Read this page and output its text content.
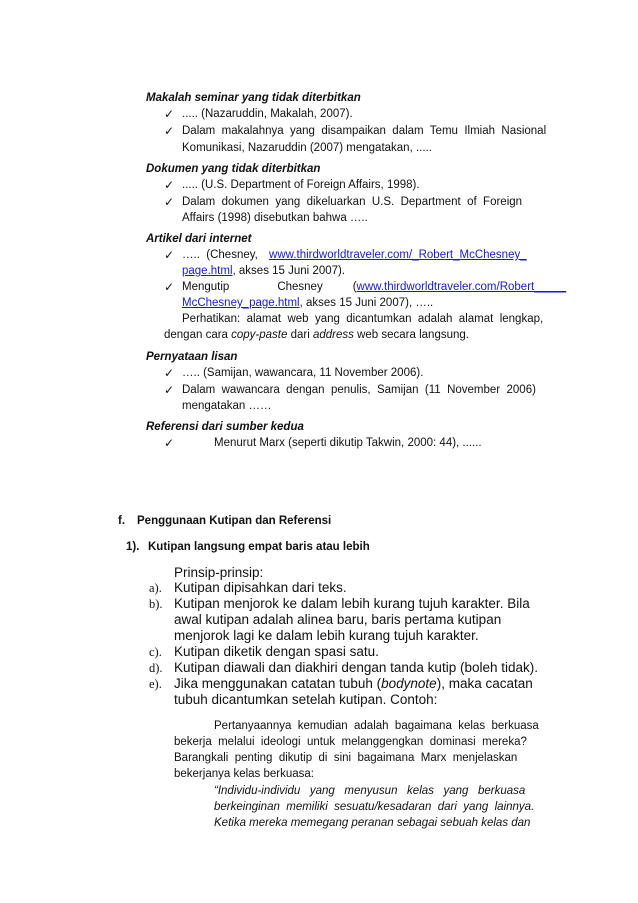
Makalah seminar yang tidak diterbitkan
✓ ..... (Nazaruddin, Makalah, 2007).
✓ Dalam  makalahnya  yang  disampaikan  dalam  Temu  Ilmiah  Nasional
Komunikasi, Nazaruddin (2007) mengatakan, .....
Dokumen yang tidak diterbitkan
✓ ..... (U.S. Department of Foreign Affairs, 1998).
✓ Dalam  dokumen  yang  dikeluarkan  U.S.  Department  of  Foreign
Affairs (1998) disebutkan bahwa …..
Artikel dari internet
✓ …..  (Chesney, www.thirdworldtraveler.com/_Robert_McChesney_
page.html, akses 15 Juni 2007).
✓ Mengutip	Chesney	(www.thirdworldtraveler.com/Robert_____
McChesney_page.html, akses 15 Juni 2007), …..
Perhatikan:  alamat  web  yang  dicantumkan  adalah  alamat  lengkap,
dengan cara copy-paste dari address web secara langsung.
Pernyataan lisan
✓ ….. (Samijan, wawancara, 11 November 2006).
✓ Dalam  wawancara  dengan  penulis,  Samijan  (11  November  2006)
mengatakan ……
Referensi dari sumber kedua
✓	Menurut Marx (seperti dikutip Takwin, 2000: 44), ......
f. Penggunaan Kutipan dan Referensi
1). Kutipan langsung empat baris atau lebih
Prinsip-prinsip:
a). Kutipan dipisahkan dari teks.
b). Kutipan menjorok ke dalam lebih kurang tujuh karakter. Bila
awal kutipan adalah alinea baru, baris pertama kutipan
menjorok lagi ke dalam lebih kurang tujuh karakter.
c). Kutipan diketik dengan spasi satu.
d). Kutipan diawali dan diakhiri dengan tanda kutip (boleh tidak).
e). Jika menggunakan catatan tubuh (bodynote), maka cacatan
tubuh dicantumkan setelah kutipan. Contoh:
Pertanyaannya  kemudian  adalah  bagaimana  kelas  berkuasa
bekerja  melalui  ideologi  untuk  melanggengkan  dominasi  mereka?
Barangkali  penting  dikutip  di  sini  bagaimana  Marx  menjelaskan
bekerjanya kelas berkuasa:
“Individu-individu   yang   menyusun   kelas   yang   berkuasa
berkeinginan  memiliki  sesuatu/kesadaran  dari  yang  lainnya.
Ketika mereka memegang peranan sebagai sebuah kelas dan
